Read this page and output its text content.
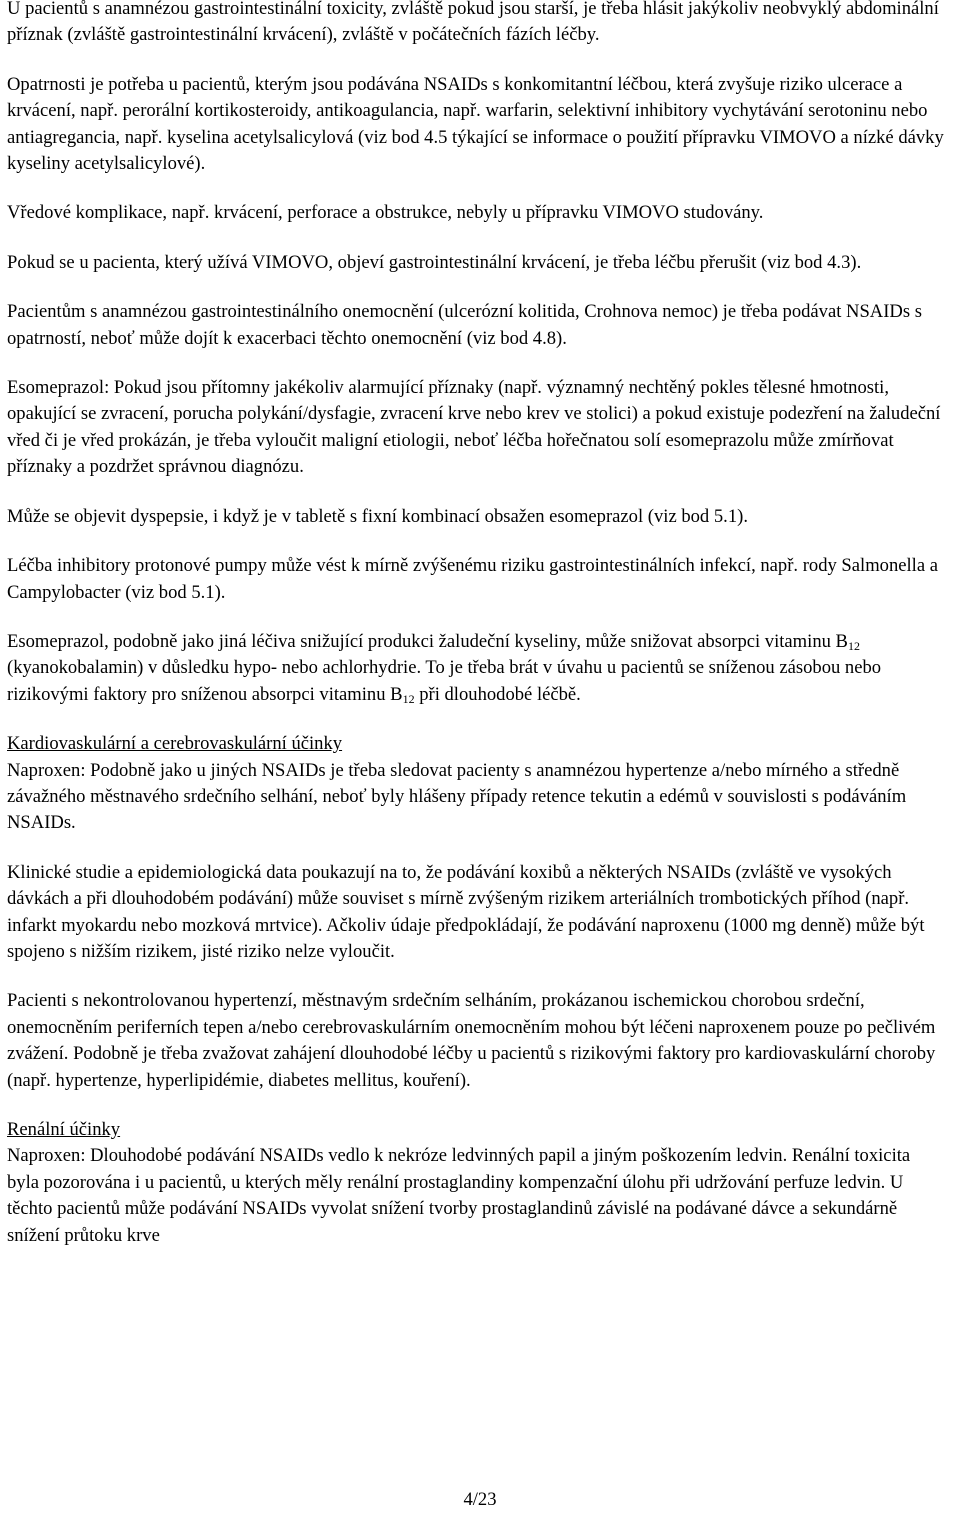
U pacientů s anamnézou gastrointestinální toxicity, zvláště pokud jsou starší, je třeba hlásit jakýkoliv neobvyklý abdominální příznak (zvláště gastrointestinální krvácení), zvláště v počátečních fázích léčby.

Opatrnosti je potřeba u pacientů, kterým jsou podávána NSAIDs s konkomitantní léčbou, která zvyšuje riziko ulcerace a krvácení, např. perorální kortikosteroidy, antikoagulancia, např. warfarin, selektivní inhibitory vychytávání serotoninu nebo antiagregancia, např. kyselina acetylsalicylová (viz bod 4.5 týkající se informace o použití přípravku VIMOVO a nízké dávky kyseliny acetylsalicylové).

Vředové komplikace, např. krvácení, perforace a obstrukce, nebyly u přípravku VIMOVO studovány.

Pokud se u pacienta, který užívá VIMOVO, objeví gastrointestinální krvácení, je třeba léčbu přerušit (viz bod 4.3).

Pacientům s anamnézou gastrointestinálního onemocnění (ulcerózní kolitida, Crohnova nemoc) je třeba podávat NSAIDs s opatrností, neboť může dojít k exacerbaci těchto onemocnění (viz bod 4.8).

Esomeprazol: Pokud jsou přítomny jakékoliv alarmující příznaky (např. významný nechtěný pokles tělesné hmotnosti, opakující se zvracení, porucha polykání/dysfagie, zvracení krve nebo krev ve stolici) a pokud existuje podezření na žaludeční vřed či je vřed prokázán, je třeba vyloučit maligní etiologii, neboť léčba hořečnatou solí esomeprazolu může zmírňovat příznaky a pozdržet správnou diagnózu.

Může se objevit dyspepsie, i když je v tabletě s fixní kombinací obsažen esomeprazol (viz bod 5.1).

Léčba inhibitory protonové pumpy může vést k mírně zvýšenému riziku gastrointestinálních infekcí, např. rody Salmonella a Campylobacter (viz bod 5.1).

Esomeprazol, podobně jako jiná léčiva snižující produkci žaludeční kyseliny, může snižovat absorpci vitaminu $B_{12}$ (kyanokobalamin) v důsledku hypo- nebo achlorhydrie. To je třeba brát v úvahu u pacientů se sníženou zásobou nebo rizikovými faktory pro sníženou absorpci vitaminu $B_{12}$ při dlouhodobé léčbě.

Kardiovaskulární a cerebrovaskulární účinky

Naproxen: Podobně jako u jiných NSAIDs je třeba sledovat pacienty s anamnézou hypertenze a/nebo mírného a středně závažného městnavého srdečního selhání, neboť byly hlášeny případy retence tekutin a edémů v souvislosti s podáváním NSAIDs.

Klinické studie a epidemiologická data poukazují na to, že podávání koxibů a některých NSAIDs (zvláště ve vysokých dávkách a při dlouhodobém podávání) může souviset s mírně zvýšeným rizikem arteriálních trombotických příhod (např. infarkt myokardu nebo mozková mrtvice). Ačkoliv údaje předpokládají, že podávání naproxenu (1000 mg denně) může být spojeno s nižším rizikem, jisté riziko nelze vyloučit.

Pacienti s nekontrolovanou hypertenzí, městnavým srdečním selháním, prokázanou ischemickou chorobou srdeční, onemocněním periferních tepen a/nebo cerebrovaskulárním onemocněním mohou být léčeni naproxenem pouze po pečlivém zvážení. Podobně je třeba zvažovat zahájení dlouhodobé léčby u pacientů s rizikovými faktory pro kardiovaskulární choroby (např. hypertenze, hyperlipidémie, diabetes mellitus, kouření).

Renální účinky

Naproxen: Dlouhodobé podávání NSAIDs vedlo k nekróze ledvinných papil a jiným poškozením ledvin. Renální toxicita byla pozorována i u pacientů, u kterých měly renální prostaglandiny kompenzační úlohu při udržování perfuze ledvin. U těchto pacientů může podávání NSAIDs vyvolat snížení tvorby prostaglandinů závislé na podávané dávce a sekundárně snížení průtoku krve

4/23
